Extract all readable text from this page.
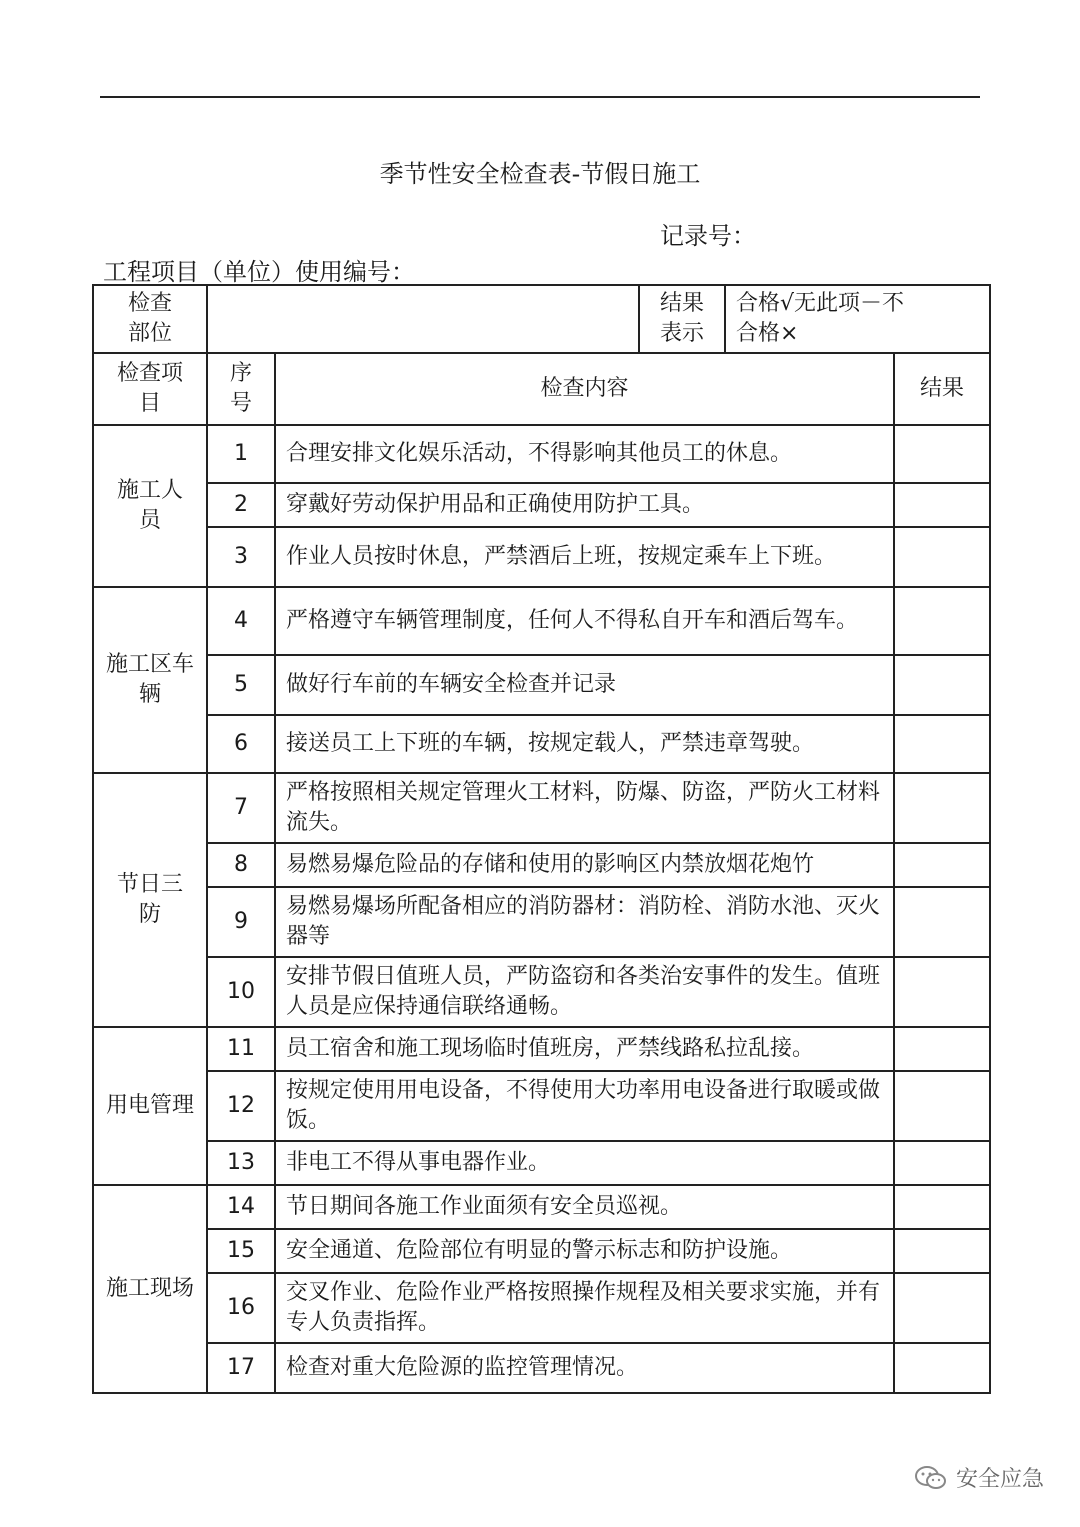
季节性安全检查表-节假日施工
记录号：
工程项目（单位）使用编号：
检查部位			结果表示	合格√无此项－不合格×	

检查项目	序号	检查内容			结果

施工人员	1	合理安排文化娱乐活动，不得影响其他员工的休息。			
	2	穿戴好劳动保护用品和正确使用防护工具。			
	3	作业人员按时休息，严禁酒后上班，按规定乘车上下班。			

施工区车辆	4	严格遵守车辆管理制度，任何人不得私自开车和酒后驾车。			
	5	做好行车前的车辆安全检查并记录			
	6	接送员工上下班的车辆，按规定载人，严禁违章驾驶。			

节日三防	7	严格按照相关规定管理火工材料，防爆、防盗，严防火工材料流失。			
	8	易燃易爆危险品的存储和使用的影响区内禁放烟花炮竹			
	9	易燃易爆场所配备相应的消防器材：消防栓、消防水池、灭火器等			
	10	安排节假日值班人员，严防盗窃和各类治安事件的发生。值班人员是应保持通信联络通畅。			

用电管理	11	员工宿舍和施工现场临时值班房，严禁线路私拉乱接。			
	12	按规定使用用电设备，不得使用大功率用电设备进行取暖或做饭。			
	13	非电工不得从事电器作业。			

施工现场	14	节日期间各施工作业面须有安全员巡视。			
	15	安全通道、危险部位有明显的警示标志和防护设施。			
	16	交叉作业、危险作业严格按照操作规程及相关要求实施，并有专人负责指挥。			
	17	检查对重大危险源的监控管理情况。			
安全应急
